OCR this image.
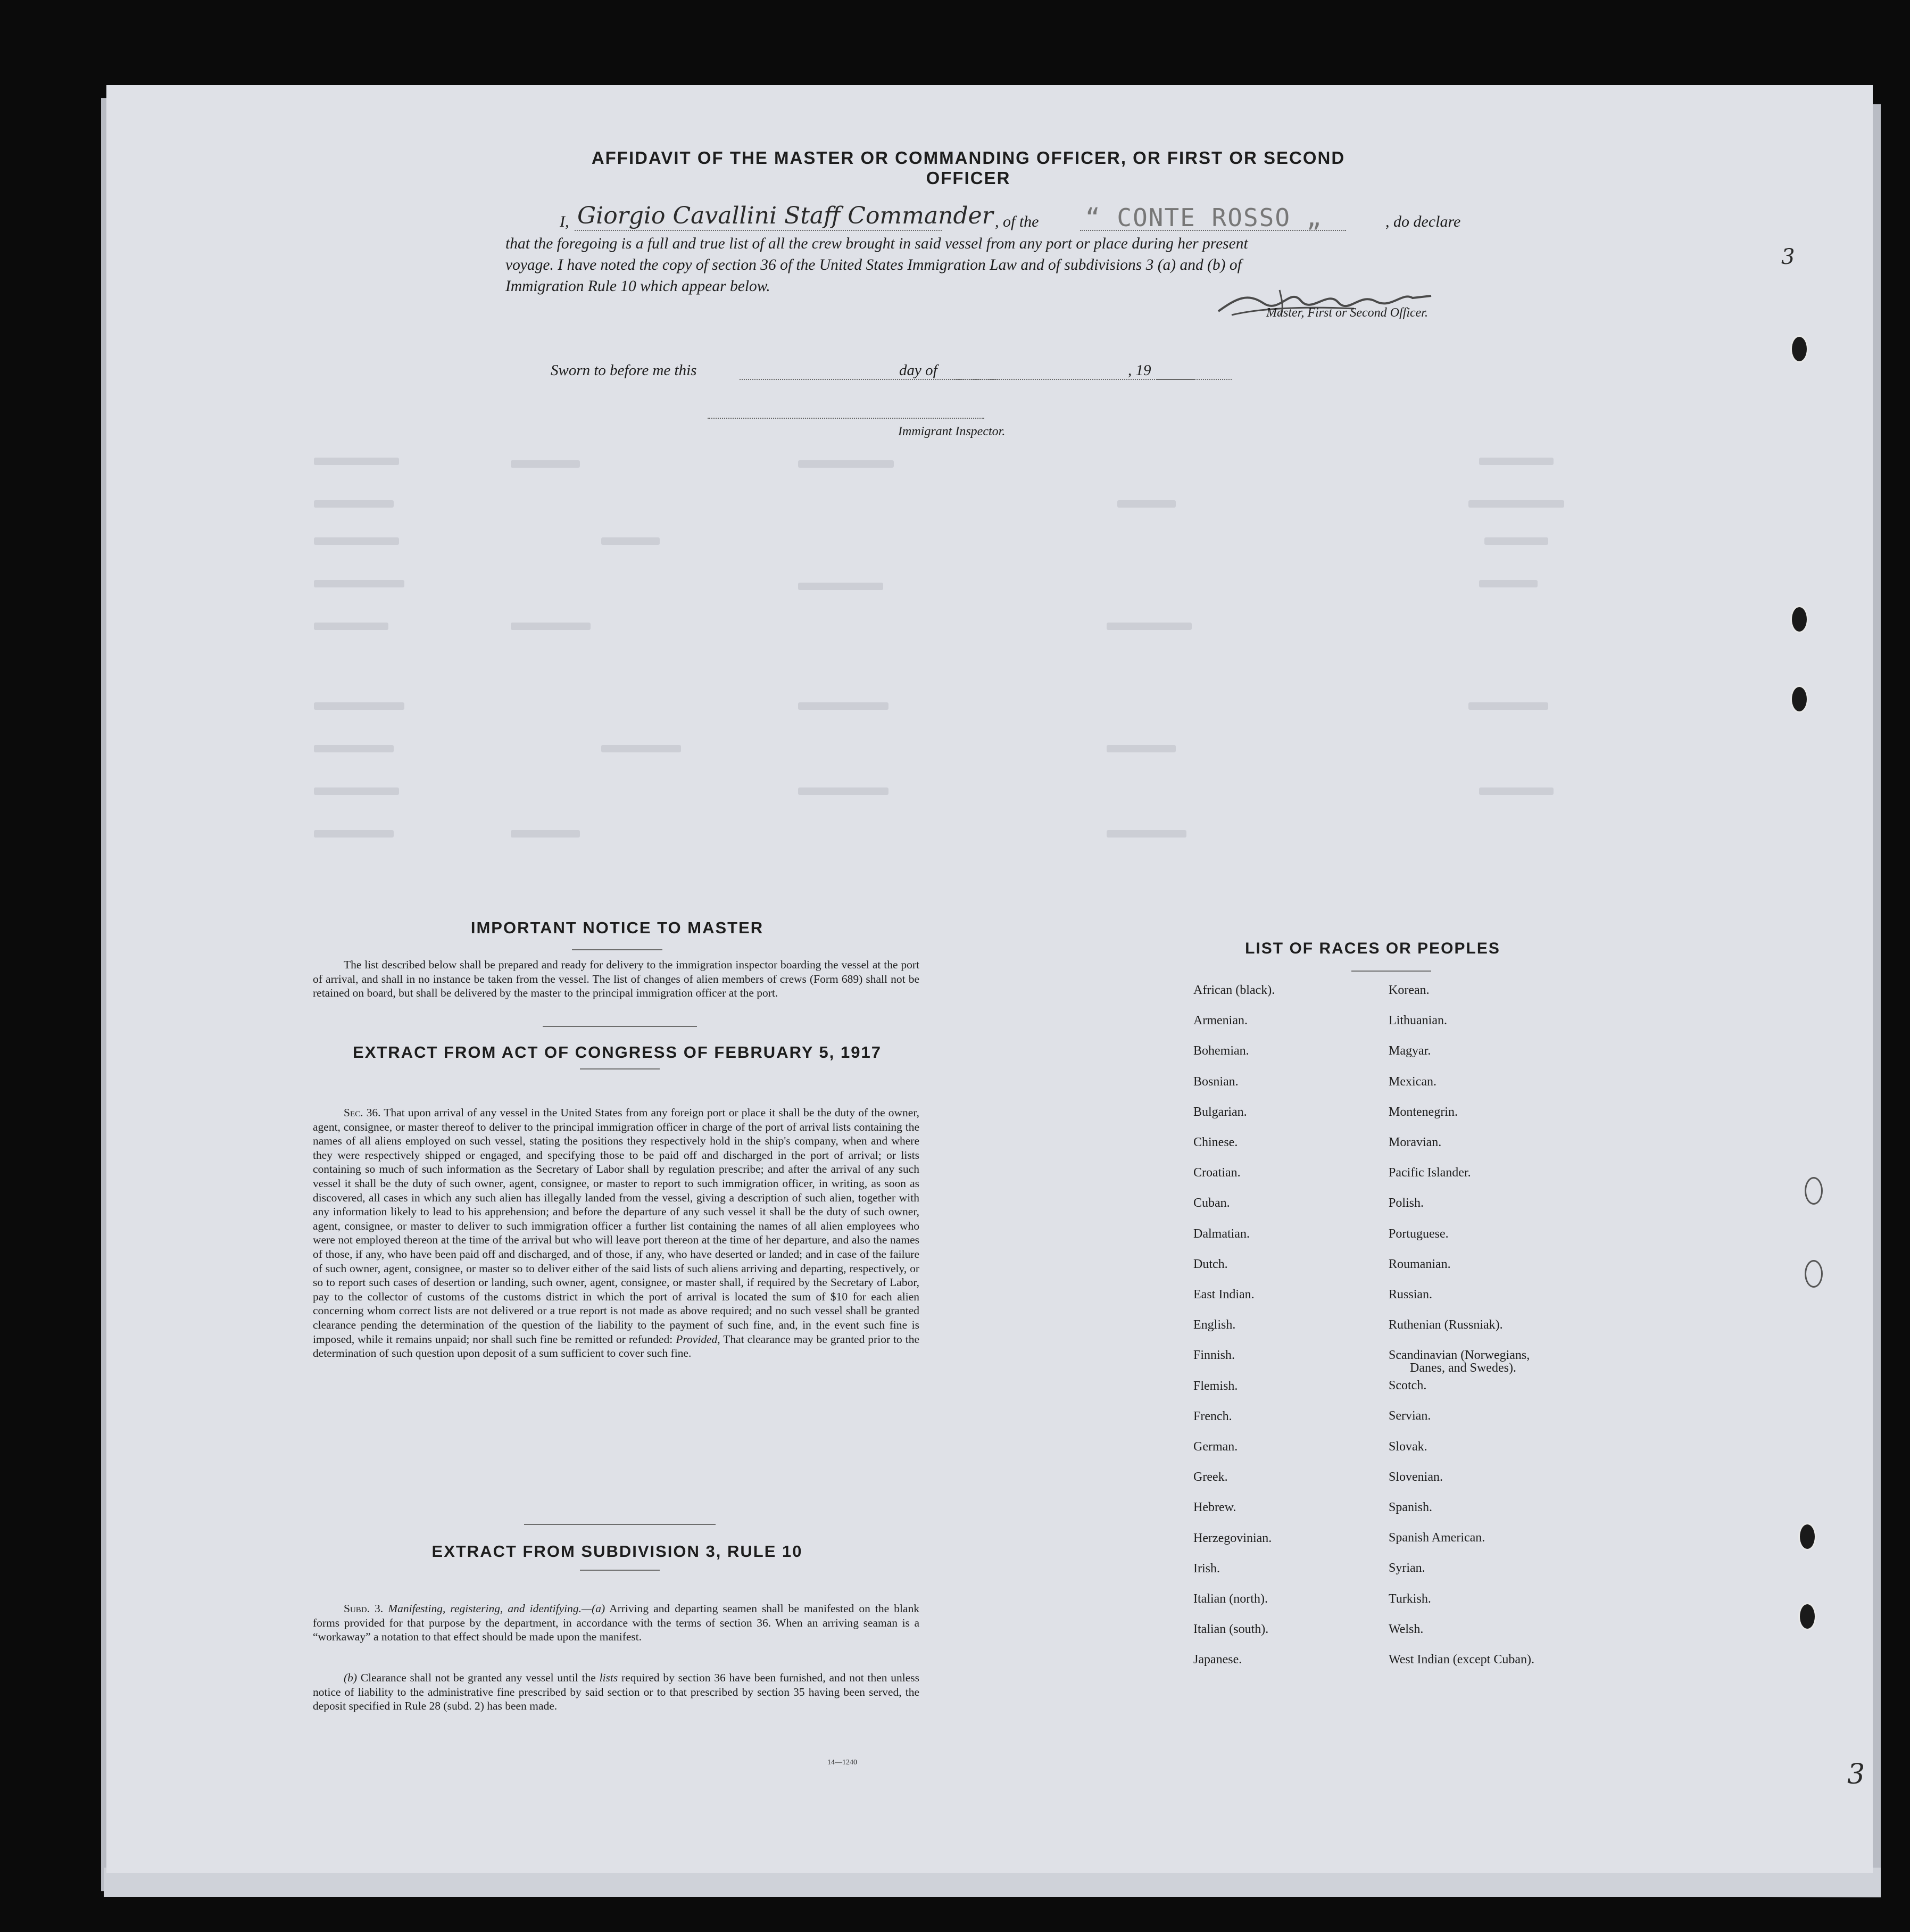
AFFIDAVIT OF THE MASTER OR COMMANDING OFFICER, OR FIRST OR SECOND OFFICER
I, Giorgio Cavallini Staff Commander , of the “ CONTE ROSSO „	, do declare
that the foregoing is a full and true list of all the crew brought in said vessel from any port or place during her present
voyage. I have noted the copy of section 36 of the United States Immigration Law and of subdivisions 3 (a) and (b) of
Immigration Rule 10 which appear below.
Master, First or Second Officer.
Sworn to before me this	day of	, 19
Immigrant Inspector.
IMPORTANT NOTICE TO MASTER
The list described below shall be prepared and ready for delivery to the immigration inspector boarding the vessel at the port of arrival, and shall in no instance be taken from the vessel. The list of changes of alien members of crews (Form 689) shall not be retained on board, but shall be delivered by the master to the principal immigration officer at the port.
EXTRACT FROM ACT OF CONGRESS OF FEBRUARY 5, 1917
Sec. 36. That upon arrival of any vessel in the United States from any foreign port or place it shall be the duty of the owner, agent, consignee, or master thereof to deliver to the principal immigration officer in charge of the port of arrival lists containing the names of all aliens employed on such vessel, stating the positions they respectively hold in the ship's company, when and where they were respectively shipped or engaged, and specifying those to be paid off and discharged in the port of arrival; or lists containing so much of such information as the Secretary of Labor shall by regulation prescribe; and after the arrival of any such vessel it shall be the duty of such owner, agent, consignee, or master to report to such immigration officer, in writing, as soon as discovered, all cases in which any such alien has illegally landed from the vessel, giving a description of such alien, together with any information likely to lead to his apprehension; and before the departure of any such vessel it shall be the duty of such owner, agent, consignee, or master to deliver to such immigration officer a further list containing the names of all alien employees who were not employed thereon at the time of the arrival but who will leave port thereon at the time of her departure, and also the names of those, if any, who have been paid off and discharged, and of those, if any, who have deserted or landed; and in case of the failure of such owner, agent, consignee, or master so to deliver either of the said lists of such aliens arriving and departing, respectively, or so to report such cases of desertion or landing, such owner, agent, consignee, or master shall, if required by the Secretary of Labor, pay to the collector of customs of the customs district in which the port of arrival is located the sum of $10 for each alien concerning whom correct lists are not delivered or a true report is not made as above required; and no such vessel shall be granted clearance pending the determination of the question of the liability to the payment of such fine, and, in the event such fine is imposed, while it remains unpaid; nor shall such fine be remitted or refunded: Provided, That clearance may be granted prior to the determination of such question upon deposit of a sum sufficient to cover such fine.
EXTRACT FROM SUBDIVISION 3, RULE 10
Subd. 3. Manifesting, registering, and identifying.—(a) Arriving and departing seamen shall be manifested on the blank forms provided for that purpose by the department, in accordance with the terms of section 36. When an arriving seaman is a “workaway” a notation to that effect should be made upon the manifest.
(b) Clearance shall not be granted any vessel until the lists required by section 36 have been furnished, and not then unless notice of liability to the administrative fine prescribed by said section or to that prescribed by section 35 having been served, the deposit specified in Rule 28 (subd. 2) has been made.
14—1240
LIST OF RACES OR PEOPLES
African (black).
Armenian.
Bohemian.
Bosnian.
Bulgarian.
Chinese.
Croatian.
Cuban.
Dalmatian.
Dutch.
East Indian.
English.
Finnish.
Flemish.
French.
German.
Greek.
Hebrew.
Herzegovinian.
Irish.
Italian (north).
Italian (south).
Japanese.
Korean.
Lithuanian.
Magyar.
Mexican.
Montenegrin.
Moravian.
Pacific Islander.
Polish.
Portuguese.
Roumanian.
Russian.
Ruthenian (Russniak).
Scandinavian (Norwegians,
Danes, and Swedes).
Scotch.
Servian.
Slovak.
Slovenian.
Spanish.
Spanish American.
Syrian.
Turkish.
Welsh.
West Indian (except Cuban).
3
3
